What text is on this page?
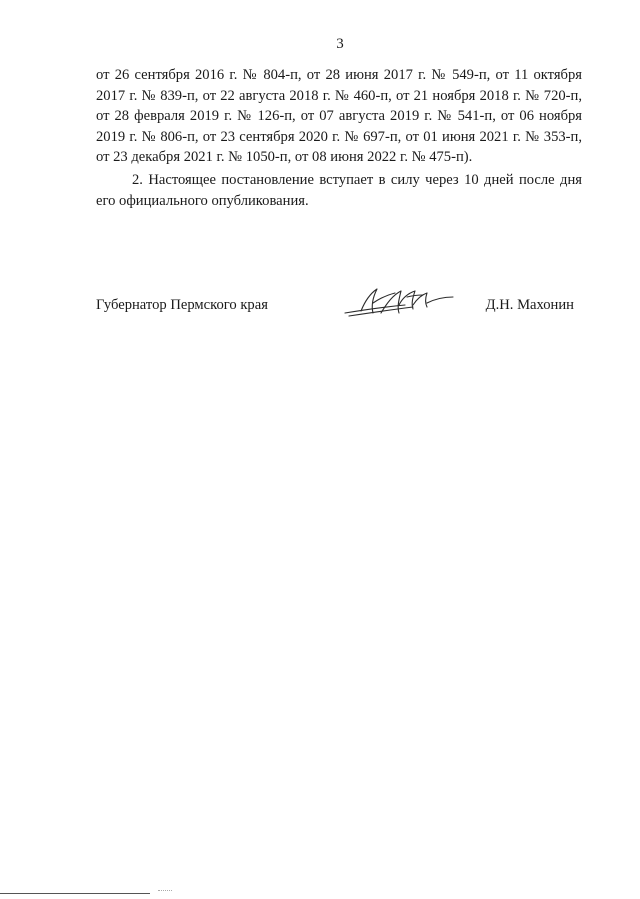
3

от 26 сентября 2016 г. № 804-п, от 28 июня 2017 г. № 549-п, от 11 октября 2017 г. № 839-п, от 22 августа 2018 г. № 460-п, от 21 ноября 2018 г. № 720-п, от 28 февраля 2019 г. № 126-п, от 07 августа 2019 г. № 541-п, от 06 ноября 2019 г. № 806-п, от 23 сентября 2020 г. № 697-п, от 01 июня 2021 г. № 353-п, от 23 декабря 2021 г. № 1050-п, от 08 июня 2022 г. № 475-п).

2. Настоящее постановление вступает в силу через 10 дней после дня его официального опубликования.

Губернатор Пермского края	Д.Н. Махонин
